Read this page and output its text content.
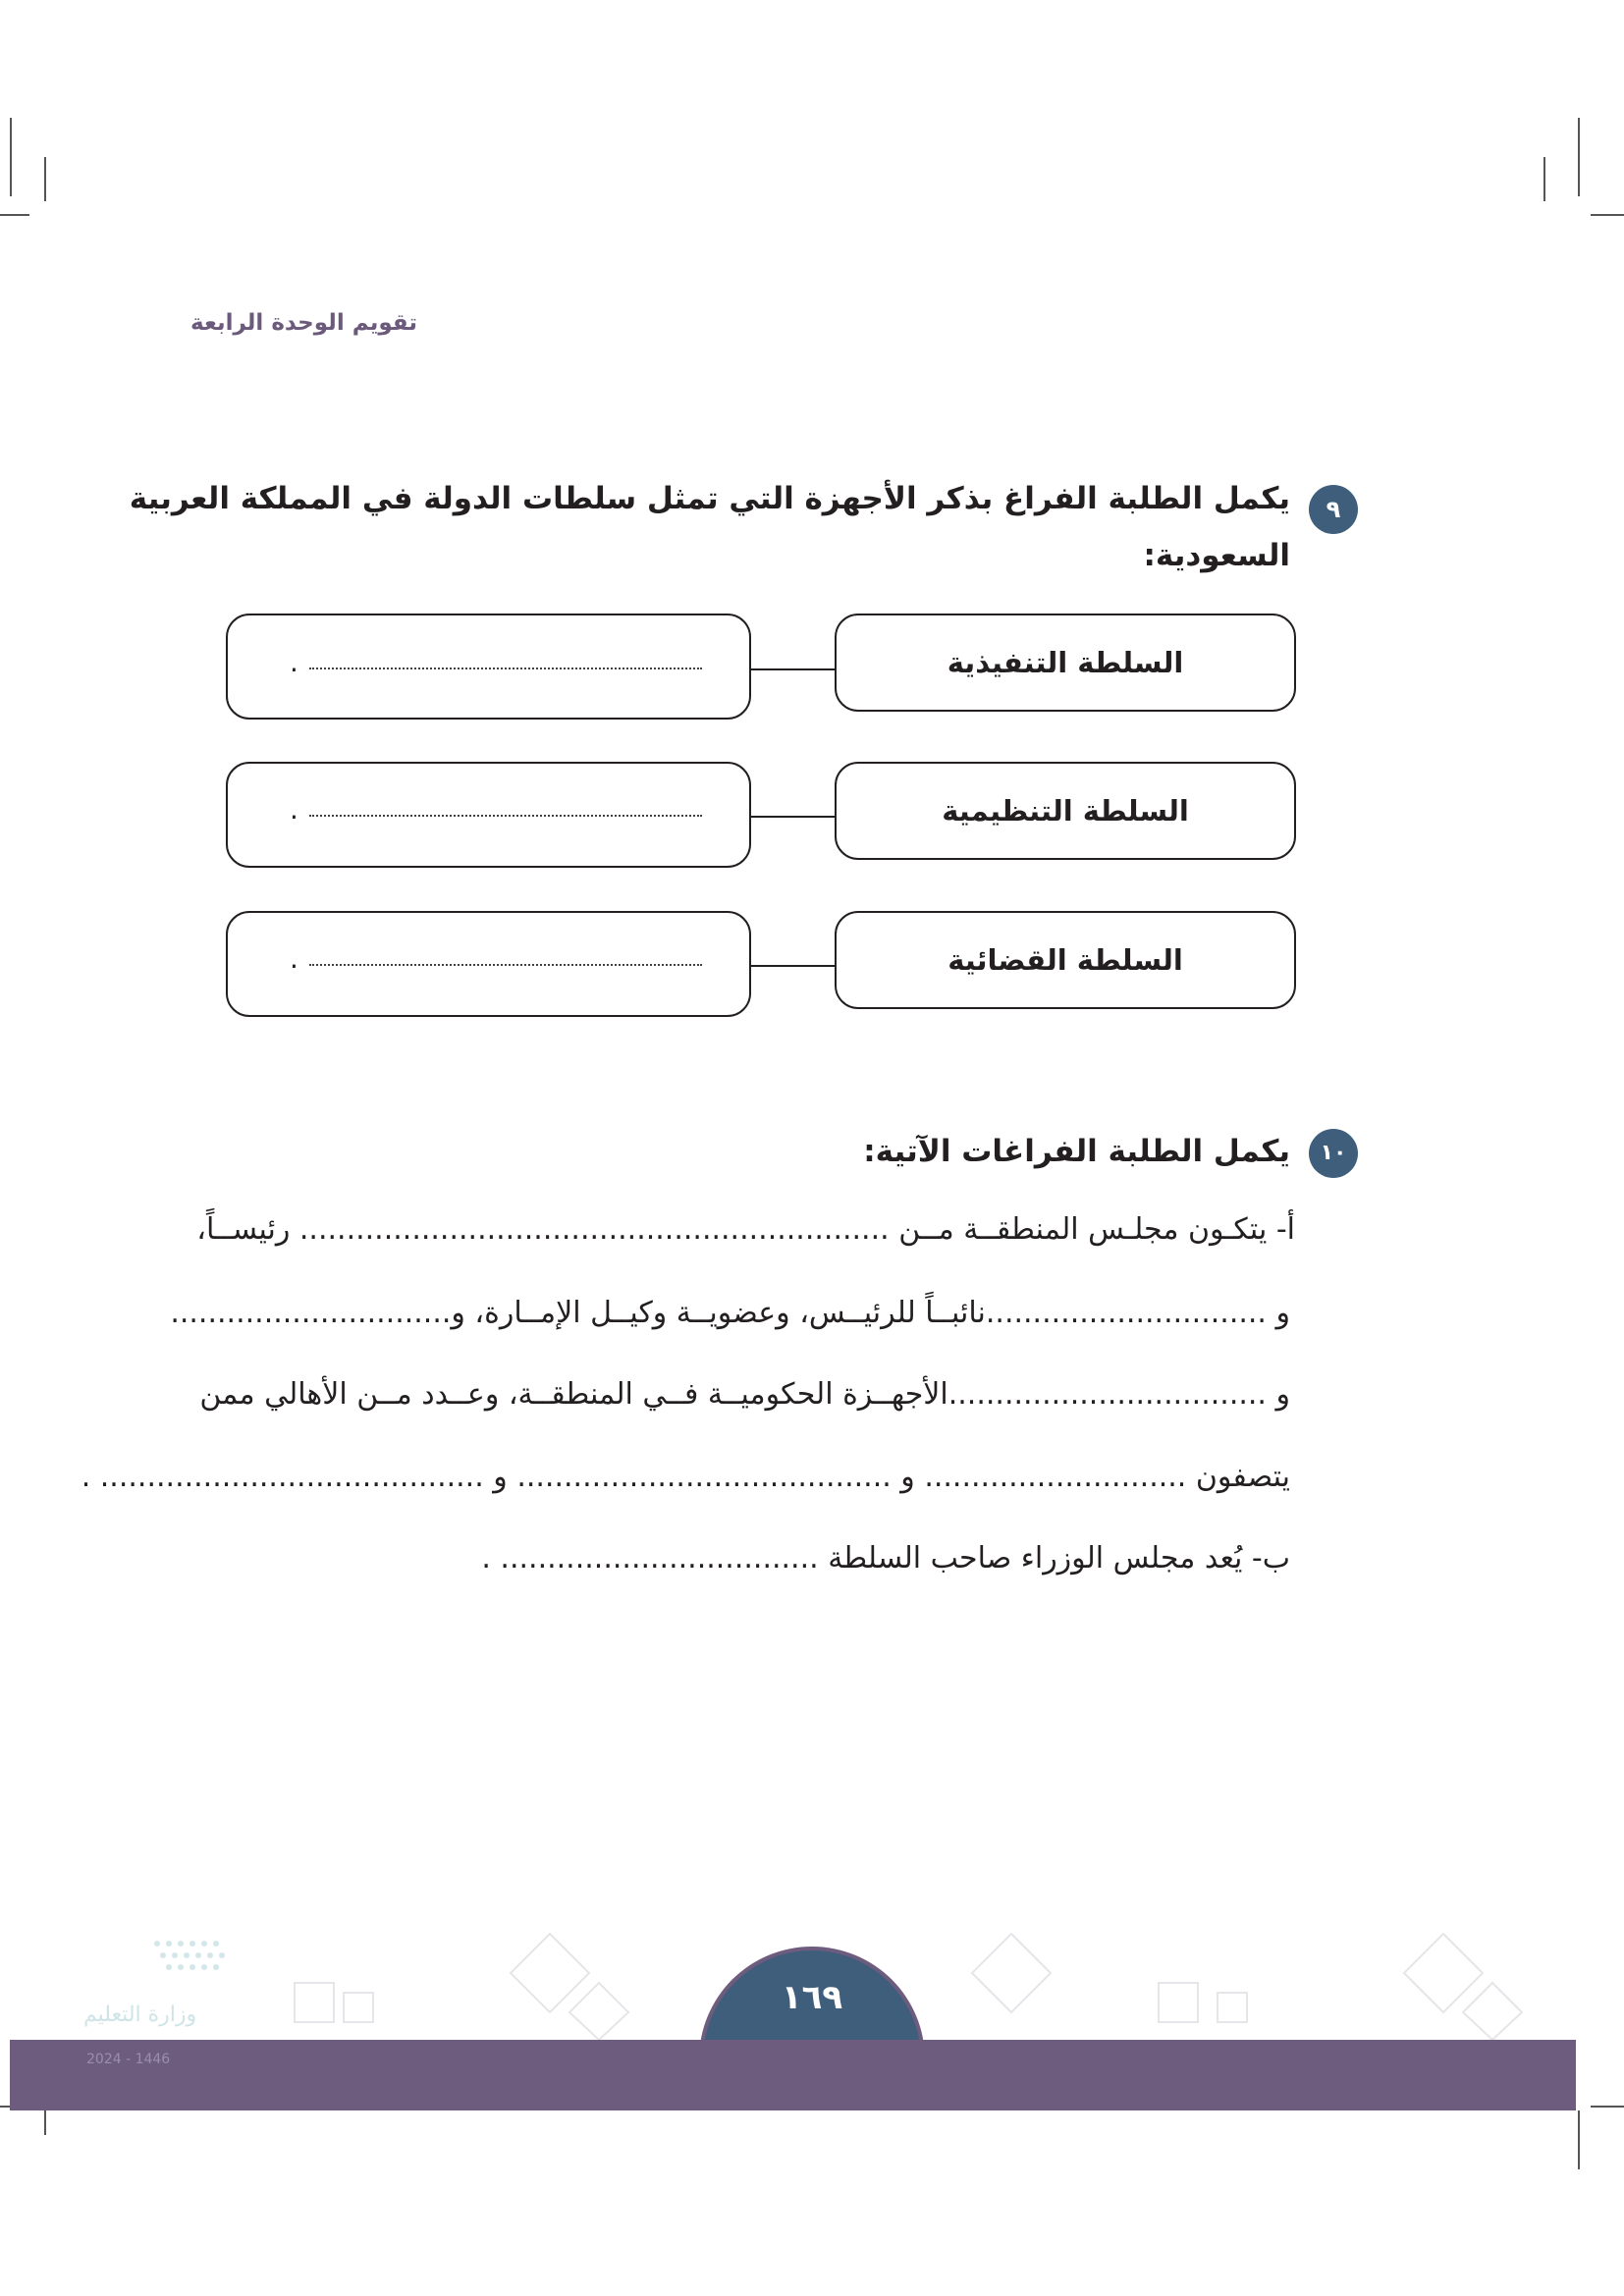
تقويم الوحدة الرابعة
٩
يكمل الطلبة الفراغ بذكر الأجهزة التي تمثل سلطات الدولة في المملكة العربية
السعودية:
السلطة التنفيذية
.
السلطة التنظيمية
.
السلطة القضائية
.
١٠
يكمل الطلبة الفراغات الآتية:
أ- يتكـون مجلـس المنطقــة مــن ............................................................... رئيســاً،
و ..............................نائبــاً للرئيــس، وعضويــة وكيــل الإمــارة، و..............................
و ..................................الأجهــزة الحكوميــة فــي المنطقــة، وعــدد مــن الأهالي ممن
يتصفون ............................ و ........................................ و ......................................... .
ب- يُعد مجلس الوزراء صاحب السلطة .................................. .
١٦٩
وزارة التعليم
2024 - 1446
